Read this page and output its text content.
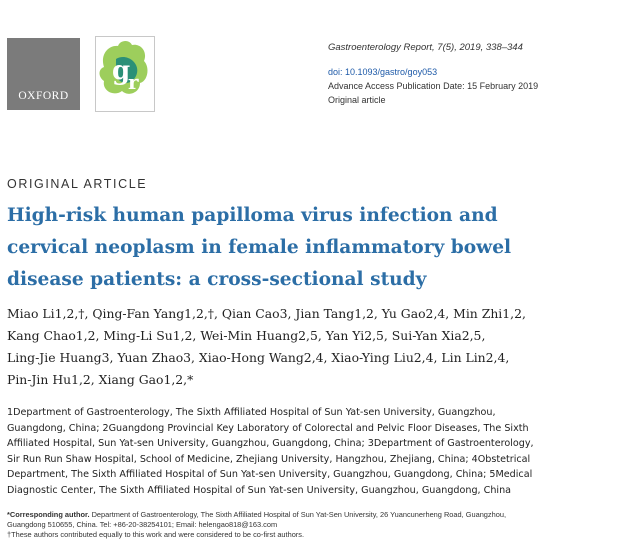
OXFORD
g
r
Gastroenterology Report, 7(5), 2019, 338–344
doi: 10.1093/gastro/goy053
Advance Access Publication Date: 15 February 2019
Original article
ORIGINAL ARTICLE
High-risk human papilloma virus infection and
cervical neoplasm in female inflammatory bowel
disease patients: a cross-sectional study
Miao Li1,2,†, Qing-Fan Yang1,2,†, Qian Cao3, Jian Tang1,2, Yu Gao2,4, Min Zhi1,2,
Kang Chao1,2, Ming-Li Su1,2, Wei-Min Huang2,5, Yan Yi2,5, Sui-Yan Xia2,5,
Ling-Jie Huang3, Yuan Zhao3, Xiao-Hong Wang2,4, Xiao-Ying Liu2,4, Lin Lin2,4,
Pin-Jin Hu1,2, Xiang Gao1,2,*
1Department of Gastroenterology, The Sixth Affiliated Hospital of Sun Yat-sen University, Guangzhou,
Guangdong, China; 2Guangdong Provincial Key Laboratory of Colorectal and Pelvic Floor Diseases, The Sixth
Affiliated Hospital, Sun Yat-sen University, Guangzhou, Guangdong, China; 3Department of Gastroenterology,
Sir Run Run Shaw Hospital, School of Medicine, Zhejiang University, Hangzhou, Zhejiang, China; 4Obstetrical
Department, The Sixth Affiliated Hospital of Sun Yat-sen University, Guangzhou, Guangdong, China; 5Medical
Diagnostic Center, The Sixth Affiliated Hospital of Sun Yat-sen University, Guangzhou, Guangdong, China
*Corresponding author. Department of Gastroenterology, The Sixth Affiliated Hospital of Sun Yat-Sen University, 26 Yuancunerheng Road, Guangzhou,
Guangdong 510655, China. Tel: +86-20-38254101; Email: helengao818@163.com
†These authors contributed equally to this work and were considered to be co-first authors.
